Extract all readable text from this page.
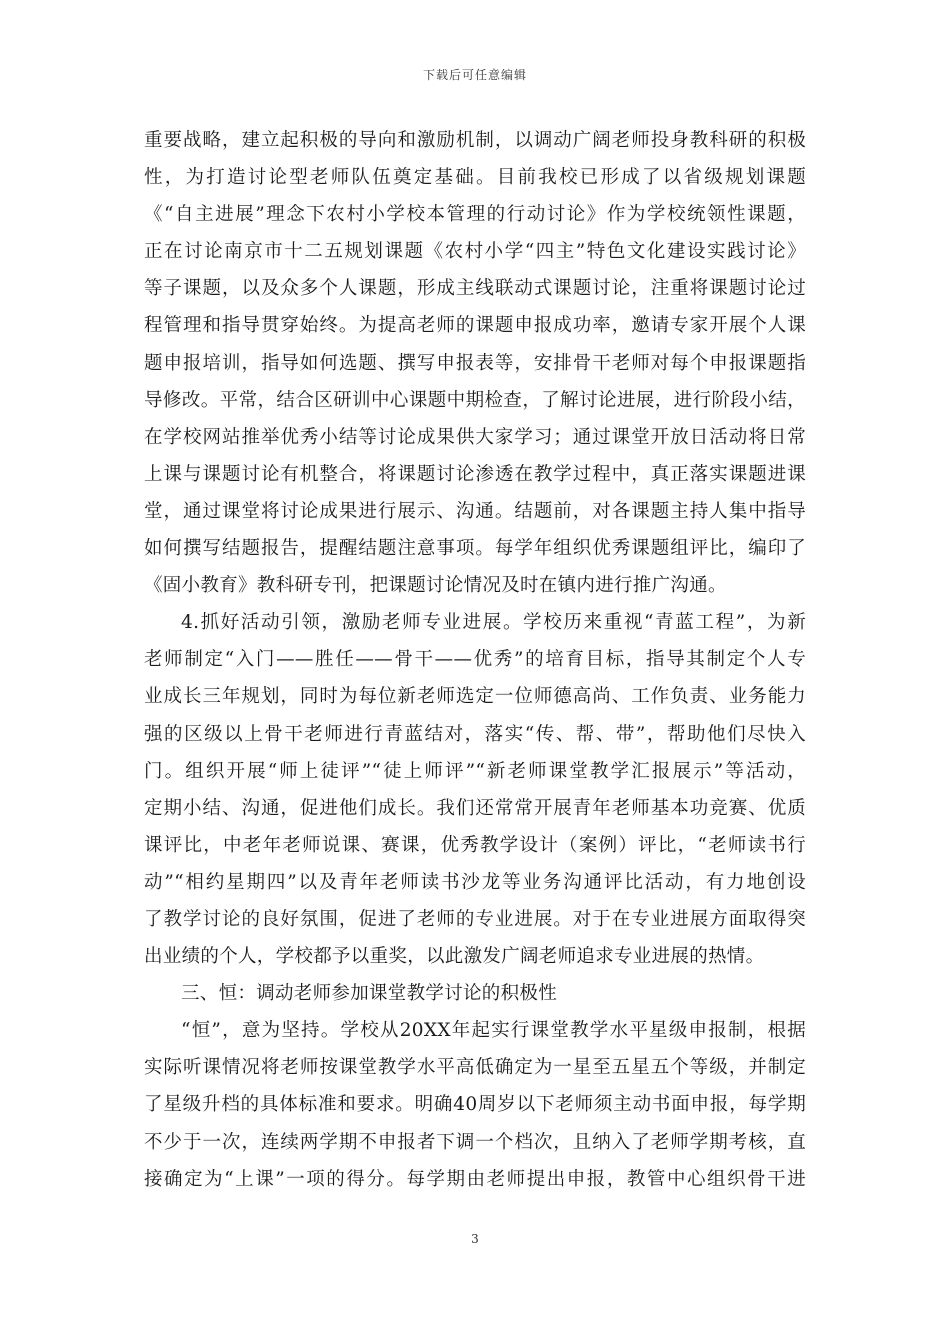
下载后可任意编辑
重要战略，建立起积极的导向和激励机制，以调动广阔老师投身教科研的积极
性，为打造讨论型老师队伍奠定基础。目前我校已形成了以省级规划课题
《“自主进展”理念下农村小学校本管理的行动讨论》作为学校统领性课题，
正在讨论南京市十二五规划课题《农村小学“四主”特色文化建设实践讨论》
等子课题，以及众多个人课题，形成主线联动式课题讨论，注重将课题讨论过
程管理和指导贯穿始终。为提高老师的课题申报成功率，邀请专家开展个人课
题申报培训，指导如何选题、撰写申报表等，安排骨干老师对每个申报课题指
导修改。平常，结合区研训中心课题中期检查，了解讨论进展，进行阶段小结，
在学校网站推举优秀小结等讨论成果供大家学习；通过课堂开放日活动将日常
上课与课题讨论有机整合，将课题讨论渗透在教学过程中，真正落实课题进课
堂，通过课堂将讨论成果进行展示、沟通。结题前，对各课题主持人集中指导
如何撰写结题报告，提醒结题注意事项。每学年组织优秀课题组评比，编印了
《固小教育》教科研专刊，把课题讨论情况及时在镇内进行推广沟通。
4.抓好活动引领，激励老师专业进展。学校历来重视“青蓝工程”，为新
老师制定“入门——胜任——骨干——优秀”的培育目标，指导其制定个人专
业成长三年规划，同时为每位新老师选定一位师德高尚、工作负责、业务能力
强的区级以上骨干老师进行青蓝结对，落实“传、帮、带”，帮助他们尽快入
门。组织开展“师上徒评”“徒上师评”“新老师课堂教学汇报展示”等活动，
定期小结、沟通，促进他们成长。我们还常常开展青年老师基本功竞赛、优质
课评比，中老年老师说课、赛课，优秀教学设计（案例）评比，“老师读书行
动”“相约星期四”以及青年老师读书沙龙等业务沟通评比活动，有力地创设
了教学讨论的良好氛围，促进了老师的专业进展。对于在专业进展方面取得突
出业绩的个人，学校都予以重奖，以此激发广阔老师追求专业进展的热情。
三、恒：调动老师参加课堂教学讨论的积极性
“恒”，意为坚持。学校从20XX年起实行课堂教学水平星级申报制，根据
实际听课情况将老师按课堂教学水平高低确定为一星至五星五个等级，并制定
了星级升档的具体标准和要求。明确40周岁以下老师须主动书面申报，每学期
不少于一次，连续两学期不申报者下调一个档次，且纳入了老师学期考核，直
接确定为“上课”一项的得分。每学期由老师提出申报，教管中心组织骨干进
3
